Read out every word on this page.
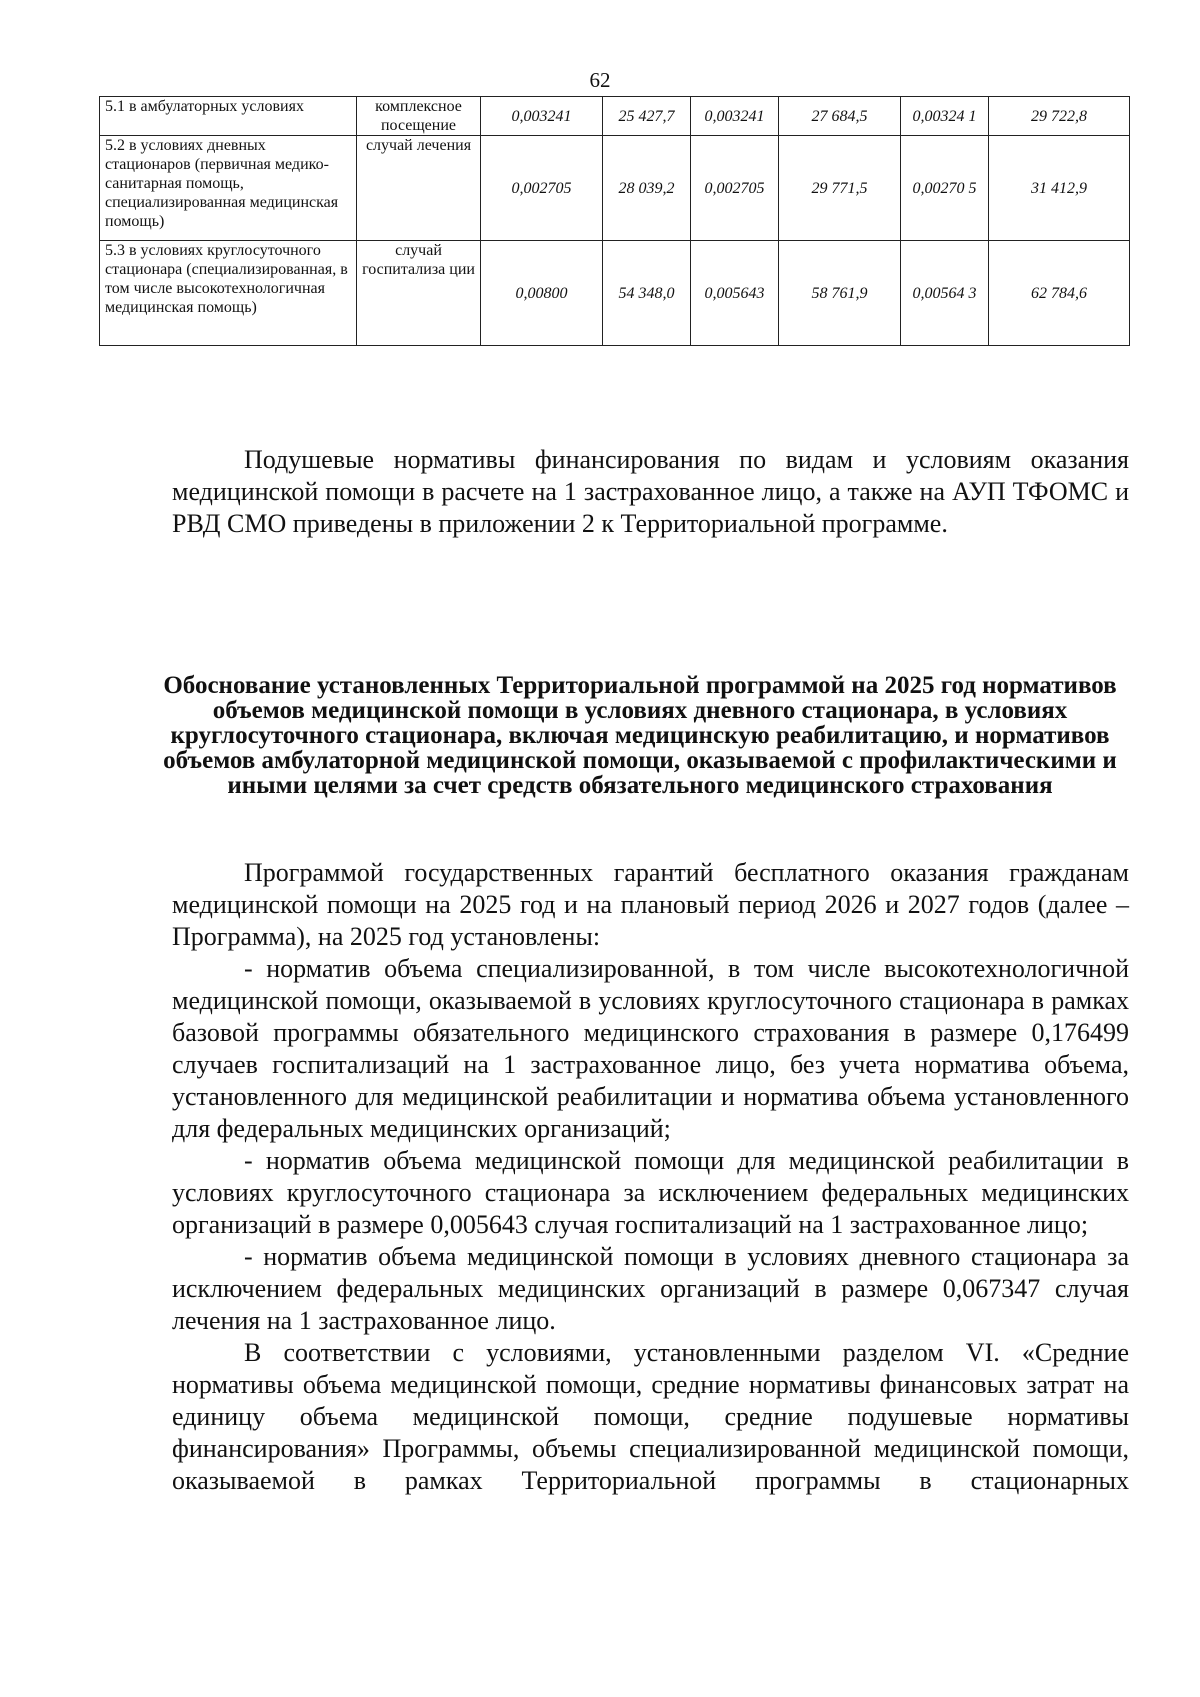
62
5.1 в амбулаторных условиях	комплексное посещение	0,003241	25 427,7	0,003241	27 684,5	0,00324 1	29 722,8
5.2 в условиях дневных стационаров (первичная медико-санитарная помощь, специализированная медицинская помощь)	случай лечения	0,002705	28 039,2	0,002705	29 771,5	0,00270 5	31 412,9
5.3 в условиях круглосуточного стационара (специализированная, в том числе высокотехнологичная медицинская помощь)	случай госпитализа ции	0,00800	54 348,0	0,005643	58 761,9	0,00564 3	62 784,6

Подушевые нормативы финансирования по видам и условиям оказания медицинской помощи в расчете на 1 застрахованное лицо, а также на АУП ТФОМС и РВД СМО приведены в приложении 2 к Территориальной программе.

Обоснование установленных Территориальной программой на 2025 год нормативов объемов медицинской помощи в условиях дневного стационара, в условиях круглосуточного стационара, включая медицинскую реабилитацию, и нормативов объемов амбулаторной медицинской помощи, оказываемой с профилактическими и иными целями за счет средств обязательного медицинского страхования

Программой государственных гарантий бесплатного оказания гражданам медицинской помощи на 2025 год и на плановый период 2026 и 2027 годов (далее – Программа), на 2025 год установлены:

- норматив объема специализированной, в том числе высокотехнологичной медицинской помощи, оказываемой в условиях круглосуточного стационара в рамках базовой программы обязательного медицинского страхования в размере 0,176499 случаев госпитализаций на 1 застрахованное лицо, без учета норматива объема, установленного для медицинской реабилитации и норматива объема установленного для федеральных медицинских организаций;

- норматив объема медицинской помощи для медицинской реабилитации в условиях круглосуточного стационара за исключением федеральных медицинских организаций в размере 0,005643 случая госпитализаций на 1 застрахованное лицо;

- норматив объема медицинской помощи в условиях дневного стационара за исключением федеральных медицинских организаций в размере 0,067347 случая лечения на 1 застрахованное лицо.

В соответствии с условиями, установленными разделом VI. «Средние нормативы объема медицинской помощи, средние нормативы финансовых затрат на единицу объема медицинской помощи, средние подушевые нормативы финансирования» Программы, объемы специализированной медицинской помощи, оказываемой в рамках Территориальной программы в стационарных
